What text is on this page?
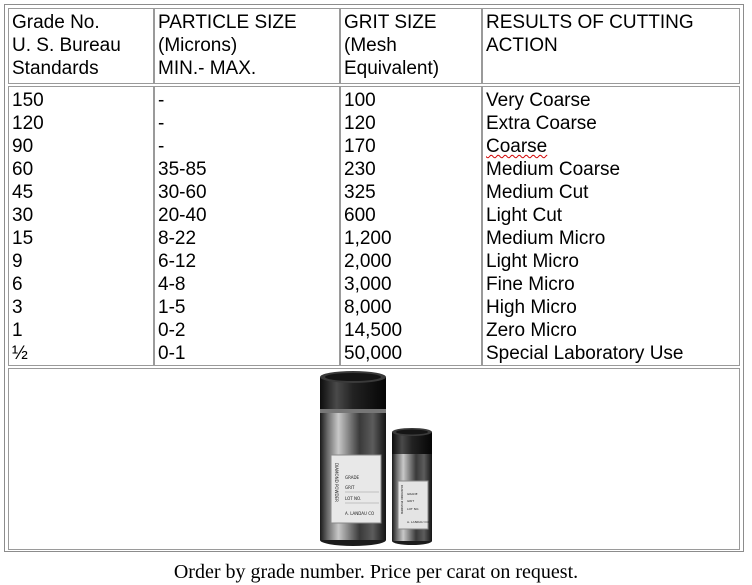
Grade No.
U. S. Bureau
Standards
PARTICLE SIZE
(Microns)
MIN.- MAX.
GRIT SIZE
(Mesh
Equivalent)
RESULTS OF CUTTING
ACTION
150
120
90
60
45
30
15
9
6
3
1
½
-
-
-
35-85
30-60
20-40
8-22
6-12
4-8
1-5
0-2
0-1
100
120
170
230
325
600
1,200
2,000
3,000
8,000
14,500
50,000
Very Coarse
Extra Coarse
Coarse
Medium Coarse
Medium Cut
Light Cut
Medium Micro
Light Micro
Fine Micro
High Micro
Zero Micro
Special Laboratory Use
DIAMOND POWDER GRADE
GRIT
LOT NO.
A. LANDAU CO	DIAMOND POWDER GRADE
GRIT
LOT NO.
A. LANDAU CO
Order by grade number. Price per carat on request.
